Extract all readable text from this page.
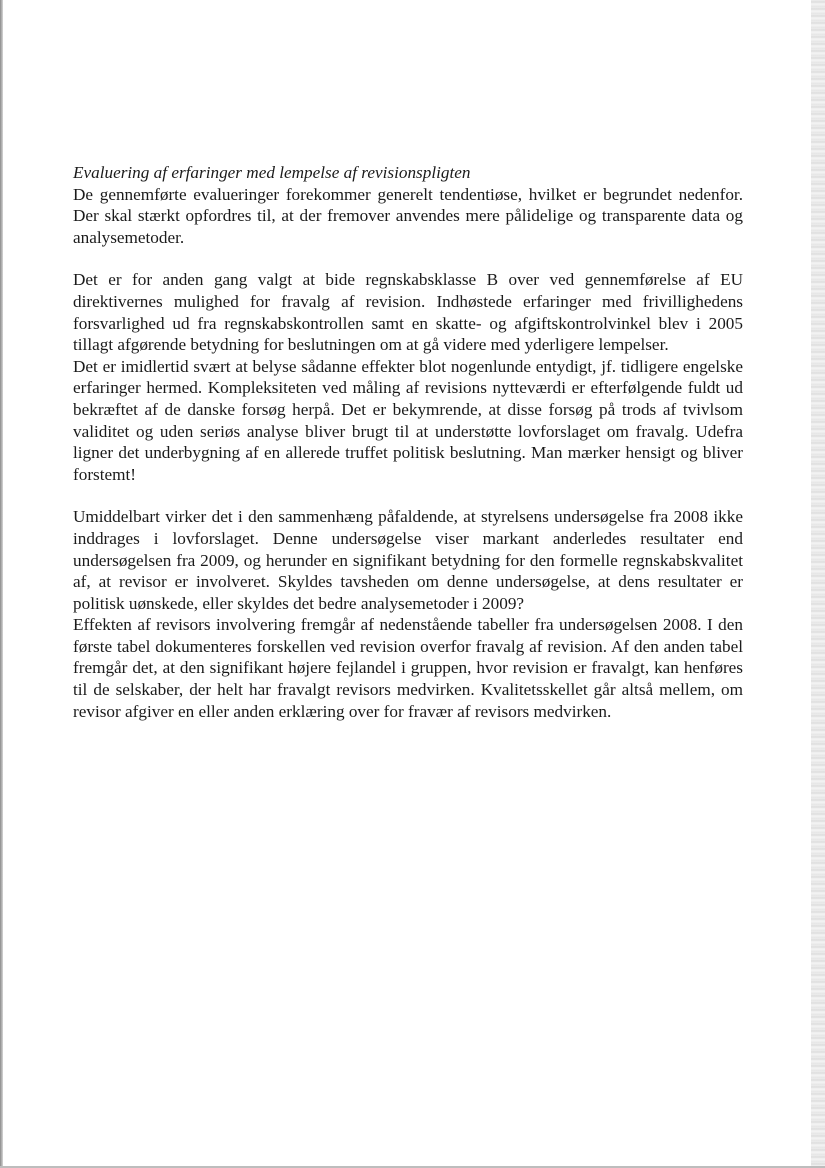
Evaluering af erfaringer med lempelse af revisionspligten

De gennemførte evalueringer forekommer generelt tendentiøse, hvilket er begrundet nedenfor. Der skal stærkt opfordres til, at der fremover anvendes mere pålidelige og transparente data og analysemetoder.

Det er for anden gang valgt at bide regnskabsklasse B over ved gennemførelse af EU direktivernes mulighed for fravalg af revision. Indhøstede erfaringer med frivillighedens forsvarlighed ud fra regnskabskontrollen samt en skatte- og afgiftskontrolvinkel blev i 2005 tillagt afgørende betydning for beslutningen om at gå videre med yderligere lempelser.

Det er imidlertid svært at belyse sådanne effekter blot nogenlunde entydigt, jf. tidligere engelske erfaringer hermed. Kompleksiteten ved måling af revisions nytteværdi er efterfølgende fuldt ud bekræftet af de danske forsøg herpå. Det er bekymrende, at disse forsøg på trods af tvivlsom validitet og uden seriøs analyse bliver brugt til at understøtte lovforslaget om fravalg. Udefra ligner det underbygning af en allerede truffet politisk beslutning. Man mærker hensigt og bliver forstemt!

Umiddelbart virker det i den sammenhæng påfaldende, at styrelsens undersøgelse fra 2008 ikke inddrages i lovforslaget. Denne undersøgelse viser markant anderledes resultater end undersøgelsen fra 2009, og herunder en signifikant betydning for den formelle regnskabskvalitet af, at revisor er involveret. Skyldes tavsheden om denne undersøgelse, at dens resultater er politisk uønskede, eller skyldes det bedre analysemetoder i 2009?

Effekten af revisors involvering fremgår af nedenstående tabeller fra undersøgelsen 2008. I den første tabel dokumenteres forskellen ved revision overfor fravalg af revision. Af den anden tabel fremgår det, at den signifikant højere fejlandel i gruppen, hvor revision er fravalgt, kan henføres til de selskaber, der helt har fravalgt revisors medvirken. Kvalitetsskellet går altså mellem, om revisor afgiver en eller anden erklæring over for fravær af revisors medvirken.
